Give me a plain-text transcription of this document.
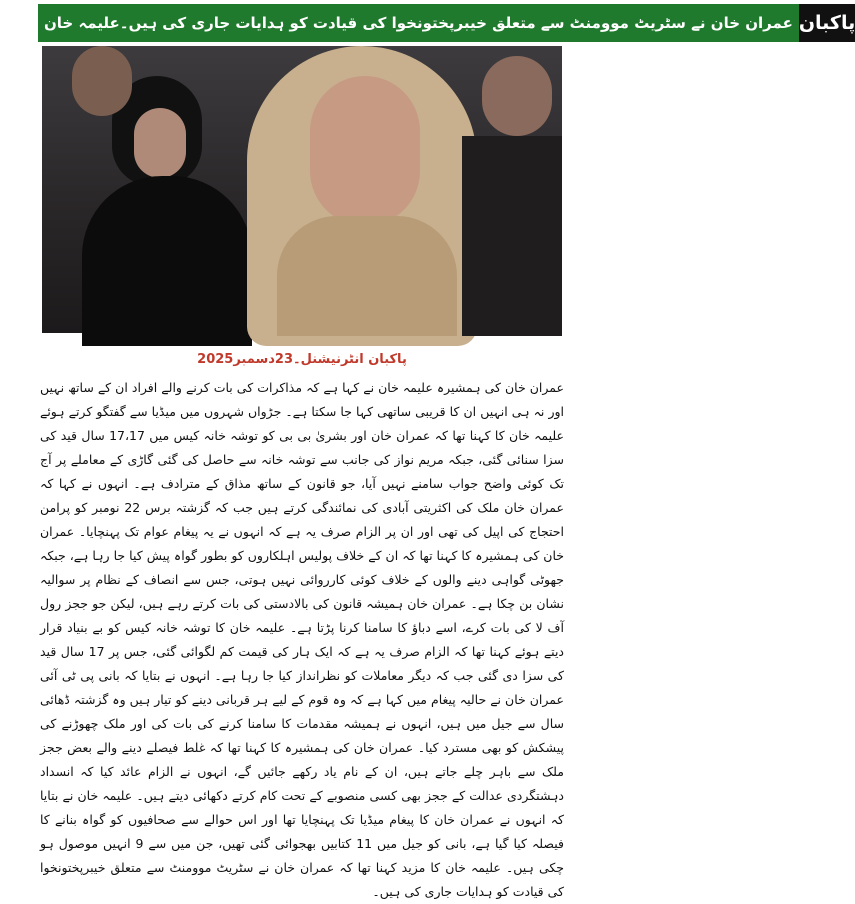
عمران خان نے سٹریٹ موومنٹ سے متعلق خیبرپختونخوا کی قیادت کو ہدایات جاری کی ہیں۔علیمہ خان پاکبان
پاکبان انٹرنیشنل۔23دسمبر2025
عمران خان کی ہمشیرہ علیمہ خان نے کہا ہے کہ مذاکرات کی بات کرنے والے افراد ان کے ساتھ نہیں اور نہ ہی انہیں ان کا قریبی ساتھی کہا جا سکتا ہے۔ جڑواں شہروں میں میڈیا سے گفتگو کرتے ہوئے علیمہ خان کا کہنا تھا کہ عمران خان اور بشریٰ بی بی کو توشہ خانہ کیس میں 17،17 سال قید کی سزا سنائی گئی، جبکہ مریم نواز کی جانب سے توشہ خانہ سے حاصل کی گئی گاڑی کے معاملے پر آج تک کوئی واضح جواب سامنے نہیں آیا، جو قانون کے ساتھ مذاق کے مترادف ہے۔ انہوں نے کہا کہ عمران خان ملک کی اکثریتی آبادی کی نمائندگی کرتے ہیں جب کہ گزشتہ برس 22 نومبر کو پرامن احتجاج کی اپیل کی تھی اور ان پر الزام صرف یہ ہے کہ انہوں نے یہ پیغام عوام تک پہنچایا۔ عمران خان کی ہمشیرہ کا کہنا تھا کہ ان کے خلاف پولیس اہلکاروں کو بطور گواہ پیش کیا جا رہا ہے، جبکہ جھوٹی گواہی دینے والوں کے خلاف کوئی کارروائی نہیں ہوتی، جس سے انصاف کے نظام پر سوالیہ نشان بن چکا ہے۔ عمران خان ہمیشہ قانون کی بالادستی کی بات کرتے رہے ہیں، لیکن جو ججز رول آف لا کی بات کرے، اسے دباؤ کا سامنا کرنا پڑتا ہے۔ علیمہ خان کا توشہ خانہ کیس کو بے بنیاد قرار دیتے ہوئے کہنا تھا کہ الزام صرف یہ ہے کہ ایک ہار کی قیمت کم لگوائی گئی، جس پر 17 سال قید کی سزا دی گئی جب کہ دیگر معاملات کو نظرانداز کیا جا رہا ہے۔ انہوں نے بتایا کہ بانی پی ٹی آئی عمران خان نے حالیہ پیغام میں کہا ہے کہ وہ قوم کے لیے ہر قربانی دینے کو تیار ہیں وہ گزشتہ ڈھائی سال سے جیل میں ہیں، انہوں نے ہمیشہ مقدمات کا سامنا کرنے کی بات کی اور ملک چھوڑنے کی پیشکش کو بھی مسترد کیا۔ عمران خان کی ہمشیرہ کا کہنا تھا کہ غلط فیصلے دینے والے بعض ججز ملک سے باہر چلے جاتے ہیں، ان کے نام یاد رکھے جائیں گے، انہوں نے الزام عائد کیا کہ انسداد دہشتگردی عدالت کے ججز بھی کسی منصوبے کے تحت کام کرتے دکھائی دیتے ہیں۔ علیمہ خان نے بتایا کہ انہوں نے عمران خان کا پیغام میڈیا تک پہنچایا تھا اور اس حوالے سے صحافیوں کو گواہ بنانے کا فیصلہ کیا گیا ہے، بانی کو جیل میں 11 کتابیں بھجوائی گئی تھیں، جن میں سے 9 انہیں موصول ہو چکی ہیں۔ علیمہ خان کا مزید کہنا تھا کہ عمران خان نے سٹریٹ موومنٹ سے متعلق خیبرپختونخوا کی قیادت کو ہدایات جاری کی ہیں۔
